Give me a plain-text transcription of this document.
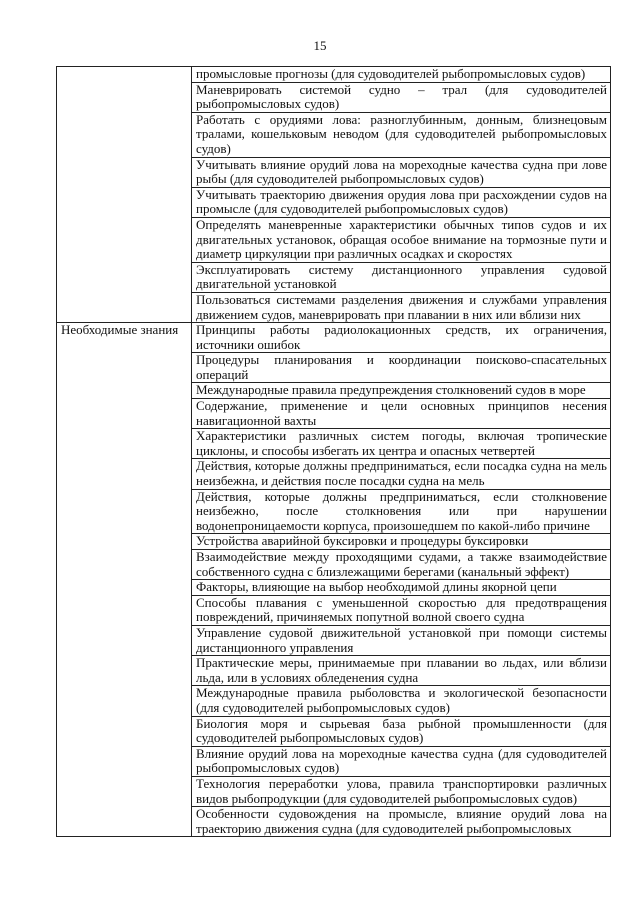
15
	промысловые прогнозы (для судоводителей рыбопромысловых судов)
	Маневрировать системой судно – трал (для судоводителей рыбопромысловых судов)
	Работать с орудиями лова: разноглубинным, донным, близнецовым тралами, кошельковым неводом (для судоводителей рыбопромысловых судов)
	Учитывать влияние орудий лова на мореходные качества судна при лове рыбы (для судоводителей рыбопромысловых судов)
	Учитывать траекторию движения орудия лова при расхождении судов на промысле (для судоводителей рыбопромысловых судов)
	Определять маневренные характеристики обычных типов судов и их двигательных установок, обращая особое внимание на тормозные пути и диаметр циркуляции при различных осадках и скоростях
	Эксплуатировать систему дистанционного управления судовой двигательной установкой
	Пользоваться системами разделения движения и службами управления движением судов, маневрировать при плавании в них или вблизи них

Необходимые знания	Принципы работы радиолокационных средств, их ограничения, источники ошибок
	Процедуры планирования и координации поисково-спасательных операций
	Международные правила предупреждения столкновений судов в море
	Содержание, применение и цели основных принципов несения навигационной вахты
	Характеристики различных систем погоды, включая тропические циклоны, и способы избегать их центра и опасных четвертей
	Действия, которые должны предприниматься, если посадка судна на мель неизбежна, и действия после посадки судна на мель
	Действия, которые должны предприниматься, если столкновение неизбежно, после столкновения или при нарушении водонепроницаемости корпуса, произошедшем по какой-либо причине
	Устройства аварийной буксировки и процедуры буксировки
	Взаимодействие между проходящими судами, а также взаимодействие собственного судна с близлежащими берегами (канальный эффект)
	Факторы, влияющие на выбор необходимой длины якорной цепи
	Способы плавания с уменьшенной скоростью для предотвращения повреждений, причиняемых попутной волной своего судна
	Управление судовой движительной установкой при помощи системы дистанционного управления
	Практические меры, принимаемые при плавании во льдах, или вблизи льда, или в условиях обледенения судна
	Международные правила рыболовства и экологической безопасности (для судоводителей рыбопромысловых судов)
	Биология моря и сырьевая база рыбной промышленности (для судоводителей рыбопромысловых судов)
	Влияние орудий лова на мореходные качества судна (для судоводителей рыбопромысловых судов)
	Технология переработки улова, правила транспортировки различных видов рыбопродукции (для судоводителей рыбопромысловых судов)
	Особенности судовождения на промысле, влияние орудий лова на траекторию движения судна (для судоводителей рыбопромысловых
